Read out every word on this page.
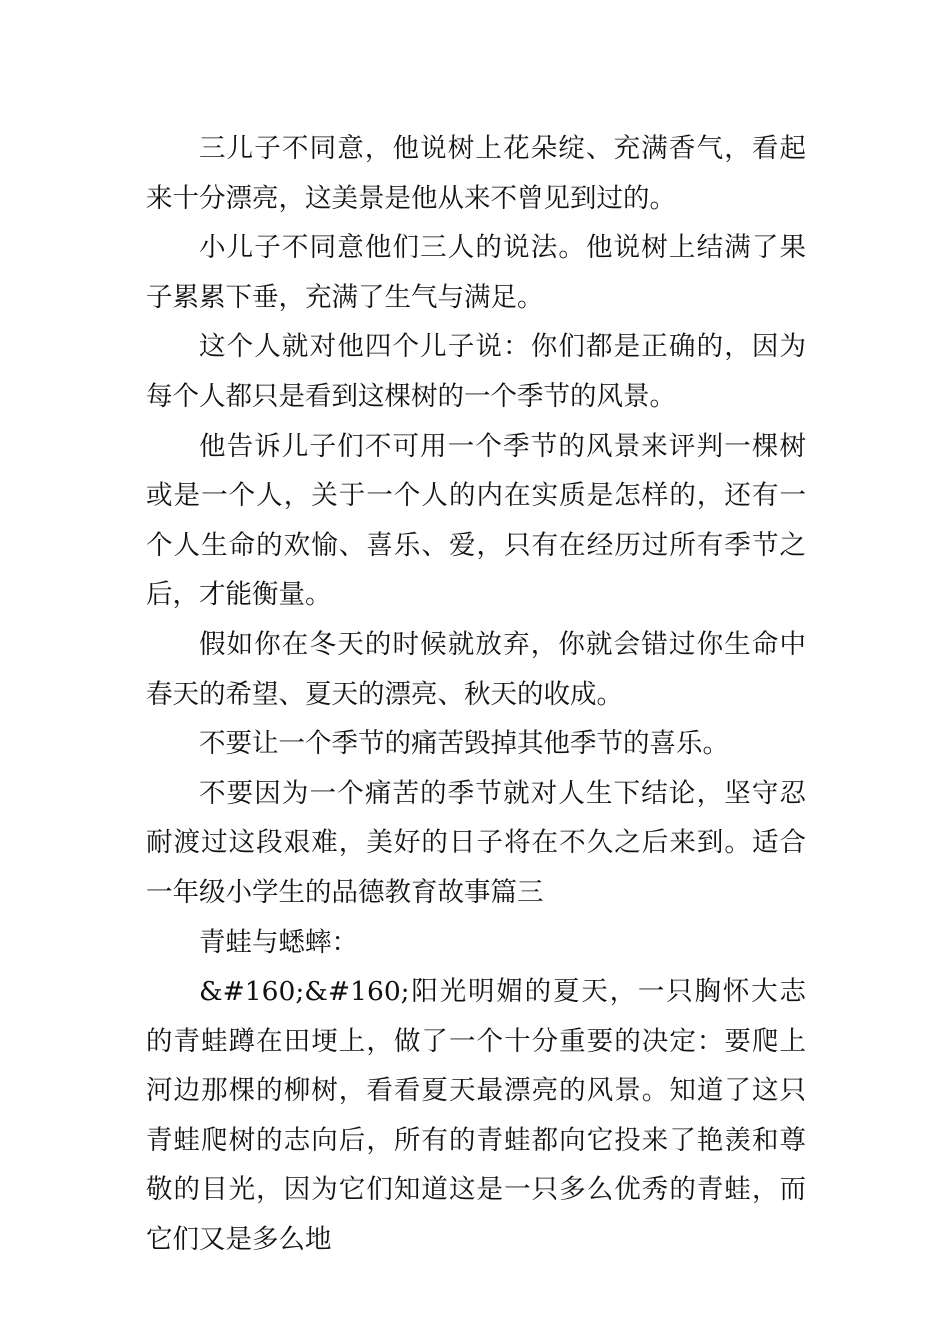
三儿子不同意，他说树上花朵绽、充满香气，看起来十分漂亮，这美景是他从来不曾见到过的。

小儿子不同意他们三人的说法。他说树上结满了果子累累下垂，充满了生气与满足。

这个人就对他四个儿子说：你们都是正确的，因为每个人都只是看到这棵树的一个季节的风景。

他告诉儿子们不可用一个季节的风景来评判一棵树或是一个人，关于一个人的内在实质是怎样的，还有一个人生命的欢愉、喜乐、爱，只有在经历过所有季节之后，才能衡量。

假如你在冬天的时候就放弃，你就会错过你生命中春天的希望、夏天的漂亮、秋天的收成。

不要让一个季节的痛苦毁掉其他季节的喜乐。

不要因为一个痛苦的季节就对人生下结论，坚守忍耐渡过这段艰难，美好的日子将在不久之后来到。适合一年级小学生的品德教育故事篇三

青蛙与蟋蟀：

&#160;&#160;阳光明媚的夏天，一只胸怀大志的青蛙蹲在田埂上，做了一个十分重要的决定：要爬上河边那棵的柳树，看看夏天最漂亮的风景。知道了这只青蛙爬树的志向后，所有的青蛙都向它投来了艳羡和尊敬的目光，因为它们知道这是一只多么优秀的青蛙，而它们又是多么地
